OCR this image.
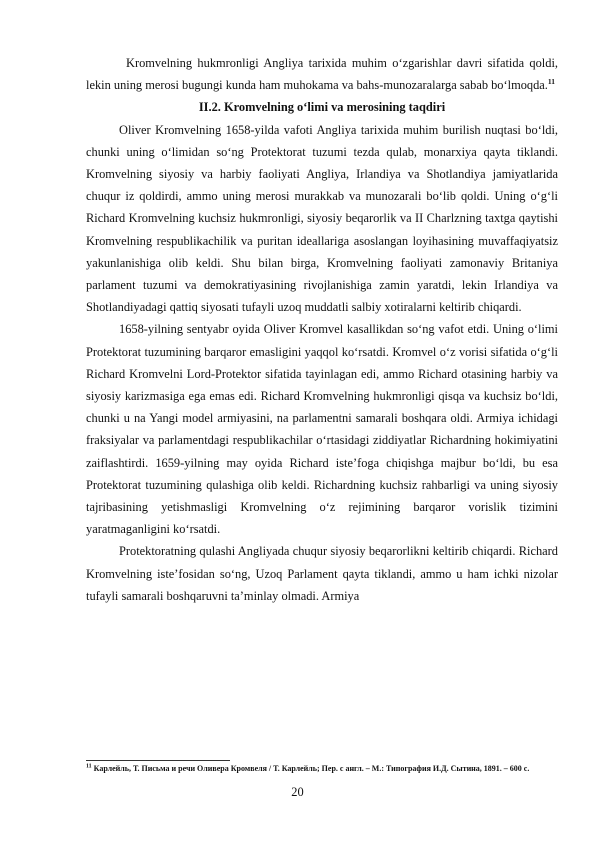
Kromvelning hukmronligi Angliya tarixida muhim o‘zgarishlar davri sifatida qoldi, lekin uning merosi bugungi kunda ham muhokama va bahs-munozaralarga sabab bo‘lmoqda.$^{11}$

II.2. Kromvelning o‘limi va merosining taqdiri

Oliver Kromvelning 1658-yilda vafoti Angliya tarixida muhim burilish nuqtasi bo‘ldi, chunki uning o‘limidan so‘ng Protektorat tuzumi tezda qulab, monarxiya qayta tiklandi. Kromvelning siyosiy va harbiy faoliyati Angliya, Irlandiya va Shotlandiya jamiyatlarida chuqur iz qoldirdi, ammo uning merosi murakkab va munozarali bo‘lib qoldi. Uning o‘g‘li Richard Kromvelning kuchsiz hukmronligi, siyosiy beqarorlik va II Charlzning taxtga qaytishi Kromvelning respublikachilik va puritan ideallariga asoslangan loyihasining muvaffaqiyatsiz yakunlanishiga olib keldi. Shu bilan birga, Kromvelning faoliyati zamonaviy Britaniya parlament tuzumi va demokratiyasining rivojlanishiga zamin yaratdi, lekin Irlandiya va Shotlandiyadagi qattiq siyosati tufayli uzoq muddatli salbiy xotiralarni keltirib chiqardi.

1658-yilning sentyabr oyida Oliver Kromvel kasallikdan so‘ng vafot etdi. Uning o‘limi Protektorat tuzumining barqaror emasligini yaqqol ko‘rsatdi. Kromvel o‘z vorisi sifatida o‘g‘li Richard Kromvelni Lord-Protektor sifatida tayinlagan edi, ammo Richard otasining harbiy va siyosiy karizmasiga ega emas edi. Richard Kromvelning hukmronligi qisqa va kuchsiz bo‘ldi, chunki u na Yangi model armiyasini, na parlamentni samarali boshqara oldi. Armiya ichidagi fraksiyalar va parlamentdagi respublikachilar o‘rtasidagi ziddiyatlar Richardning hokimiyatini zaiflashtirdi. 1659-yilning may oyida Richard iste’foga chiqishga majbur bo‘ldi, bu esa Protektorat tuzumining qulashiga olib keldi. Richardning kuchsiz rahbarligi va uning siyosiy tajribasining yetishmasligi Kromvelning o‘z rejimining barqaror vorislik tizimini yaratmaganligini ko‘rsatdi.

Protektoratning qulashi Angliyada chuqur siyosiy beqarorlikni keltirib chiqardi. Richard Kromvelning iste’fosidan so‘ng, Uzoq Parlament qayta tiklandi, ammo u ham ichki nizolar tufayli samarali boshqaruvni ta’minlay olmadi. Armiya

$^{11}$ Карлейль, Т. Письма и речи Оливера Кромвеля / Т. Карлейль; Пер. с англ. – М.: Типография И.Д. Сытина, 1891. – 600 с.
20
